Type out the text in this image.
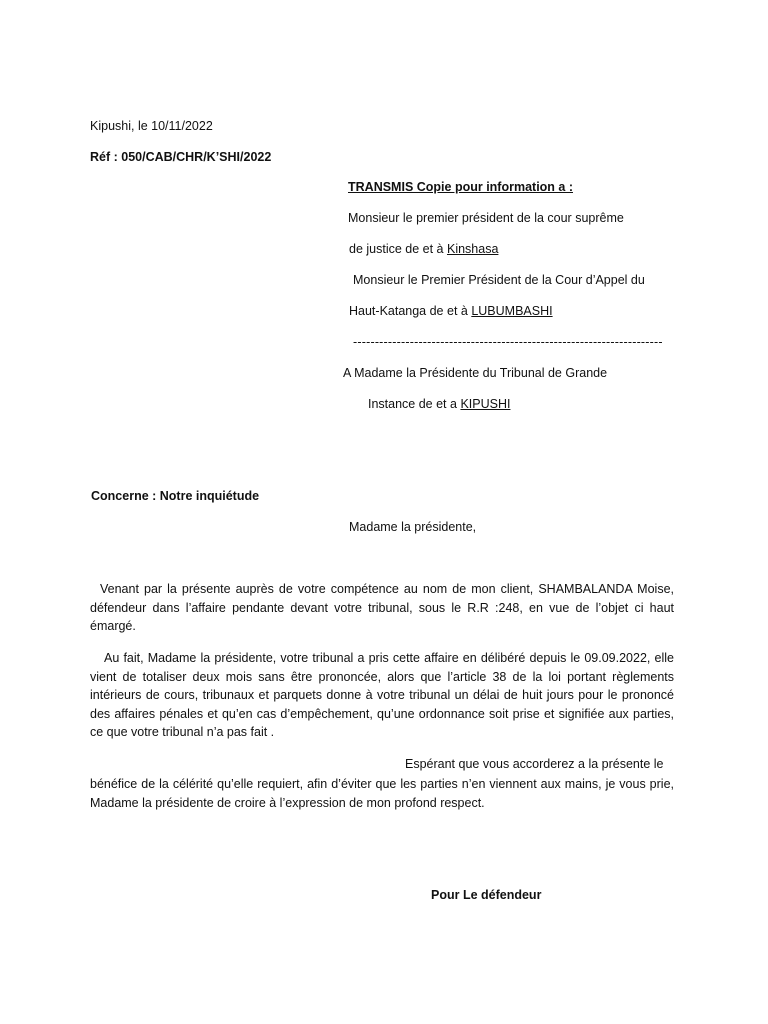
Kipushi, le 10/11/2022
Réf : 050/CAB/CHR/K’SHI/2022
TRANSMIS Copie pour information a :
Monsieur le premier président de la cour suprême
de justice de et à Kinshasa
Monsieur le Premier Président de la Cour d’Appel du
Haut-Katanga de et à LUBUMBASHI
-----------------------------------------------------------------------
A Madame la Présidente du Tribunal de Grande
Instance de et a KIPUSHI
Concerne : Notre inquiétude
Madame la présidente,
Venant par la présente auprès de votre compétence au nom de mon client, SHAMBALANDA Moise, défendeur dans l’affaire pendante devant votre tribunal, sous le R.R :248, en vue de l’objet ci haut émargé.
Au fait, Madame la présidente, votre tribunal a pris cette affaire en délibéré depuis le 09.09.2022, elle vient de totaliser deux mois sans être prononcée, alors que l’article 38 de la loi portant règlements intérieurs de cours, tribunaux et parquets donne à votre tribunal un délai de huit jours pour le prononcé des affaires pénales et qu’en cas d’empêchement, qu’une ordonnance soit prise et signifiée aux parties, ce que votre tribunal n’a pas fait .
Espérant que vous accorderez a la présente le
bénéfice de la célérité qu’elle requiert, afin d’éviter que les parties n’en viennent aux mains, je vous prie, Madame la présidente de croire à l’expression de mon profond respect.
Pour Le défendeur
